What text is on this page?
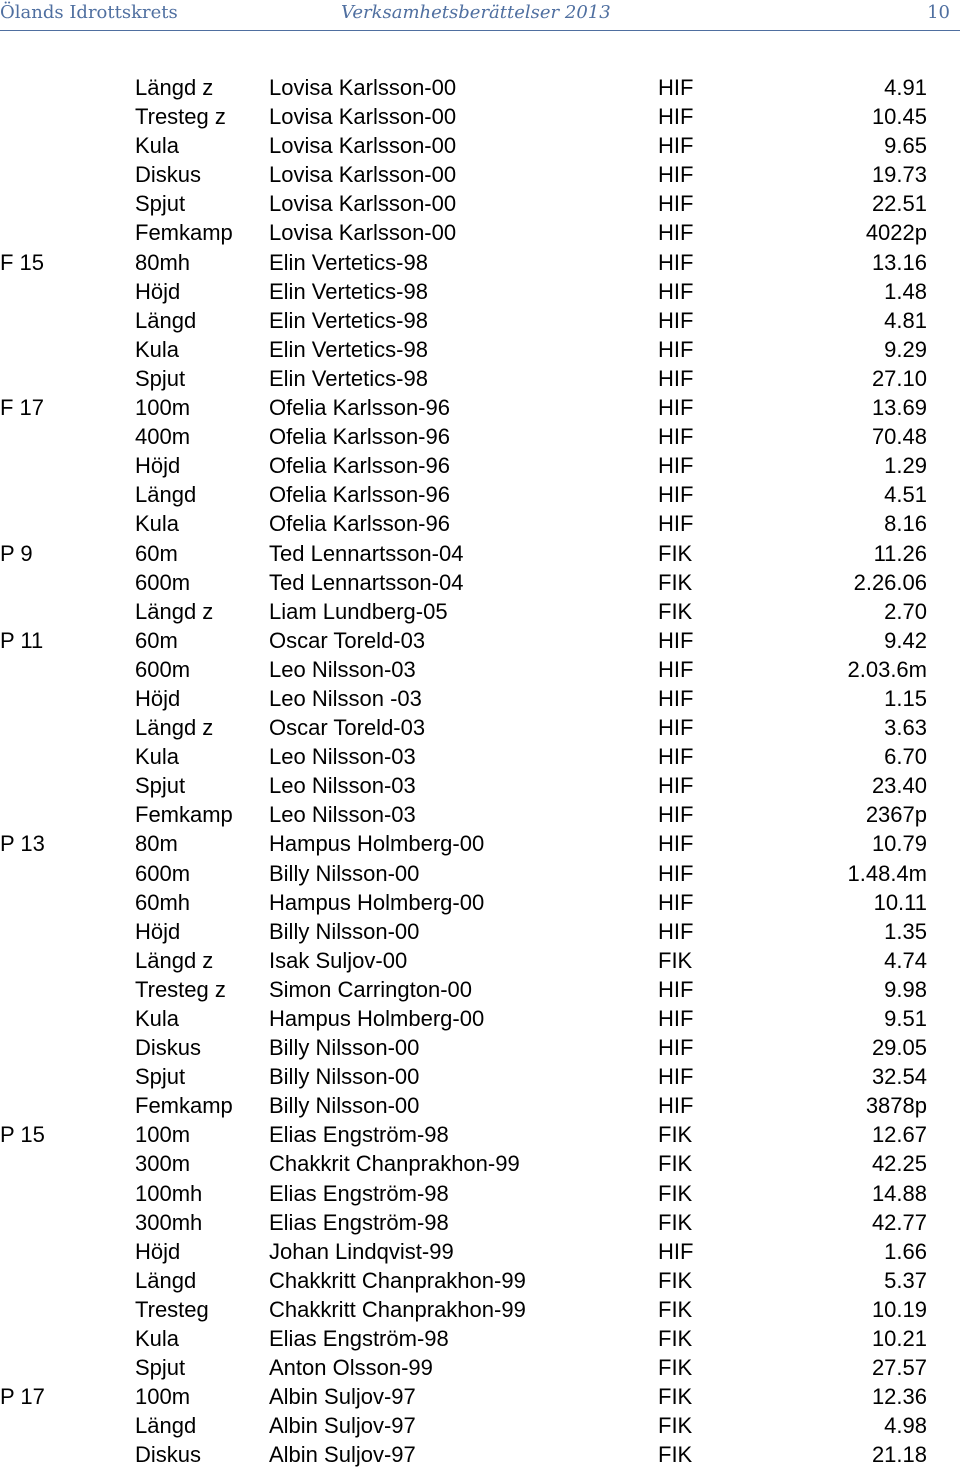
Ölands Idrottskrets	Verksamhetsberättelser 2013	10
Längd z	Lovisa Karlsson-00	HIF	4.91
Tresteg z Lovisa Karlsson-00	HIF	10.45
Kula	Lovisa Karlsson-00	HIF	9.65
Diskus	Lovisa Karlsson-00	HIF	19.73
Spjut	Lovisa Karlsson-00	HIF	22.51
Femkamp Lovisa Karlsson-00	HIF	4022p
F 15	80mh	Elin Vertetics-98	HIF	13.16
Höjd	Elin Vertetics-98	HIF	1.48
Längd	Elin Vertetics-98	HIF	4.81
Kula	Elin Vertetics-98	HIF	9.29
Spjut	Elin Vertetics-98	HIF	27.10
F 17	100m	Ofelia Karlsson-96	HIF	13.69
400m	Ofelia Karlsson-96	HIF	70.48
Höjd	Ofelia Karlsson-96	HIF	1.29
Längd	Ofelia Karlsson-96	HIF	4.51
Kula	Ofelia Karlsson-96	HIF	8.16
P 9	60m	Ted Lennartsson-04	FIK	11.26
600m	Ted Lennartsson-04	FIK	2.26.06
Längd z	Liam Lundberg-05	FIK	2.70
P 11	60m	Oscar Toreld-03	HIF	9.42
600m	Leo Nilsson-03	HIF	2.03.6m
Höjd	Leo Nilsson -03	HIF	1.15
Längd z	Oscar Toreld-03	HIF	3.63
Kula	Leo Nilsson-03	HIF	6.70
Spjut	Leo Nilsson-03	HIF	23.40
Femkamp Leo Nilsson-03	HIF	2367p
P 13	80m	Hampus Holmberg-00	HIF	10.79
600m	Billy Nilsson-00	HIF	1.48.4m
60mh	Hampus Holmberg-00	HIF	10.11
Höjd	Billy Nilsson-00	HIF	1.35
Längd z	Isak Suljov-00	FIK	4.74
Tresteg z Simon Carrington-00	HIF	9.98
Kula	Hampus Holmberg-00	HIF	9.51
Diskus	Billy Nilsson-00	HIF	29.05
Spjut	Billy Nilsson-00	HIF	32.54
Femkamp Billy Nilsson-00	HIF	3878p
P 15	100m	Elias Engström-98	FIK	12.67
300m	Chakkrit Chanprakhon-99	FIK	42.25
100mh	Elias Engström-98	FIK	14.88
300mh	Elias Engström-98	FIK	42.77
Höjd	Johan Lindqvist-99	HIF	1.66
Längd	Chakkritt Chanprakhon-99	FIK	5.37
Tresteg	Chakkritt Chanprakhon-99	FIK	10.19
Kula	Elias Engström-98	FIK	10.21
Spjut	Anton Olsson-99	FIK	27.57
P 17	100m	Albin Suljov-97	FIK	12.36
Längd	Albin Suljov-97	FIK	4.98
Diskus	Albin Suljov-97	FIK	21.18
